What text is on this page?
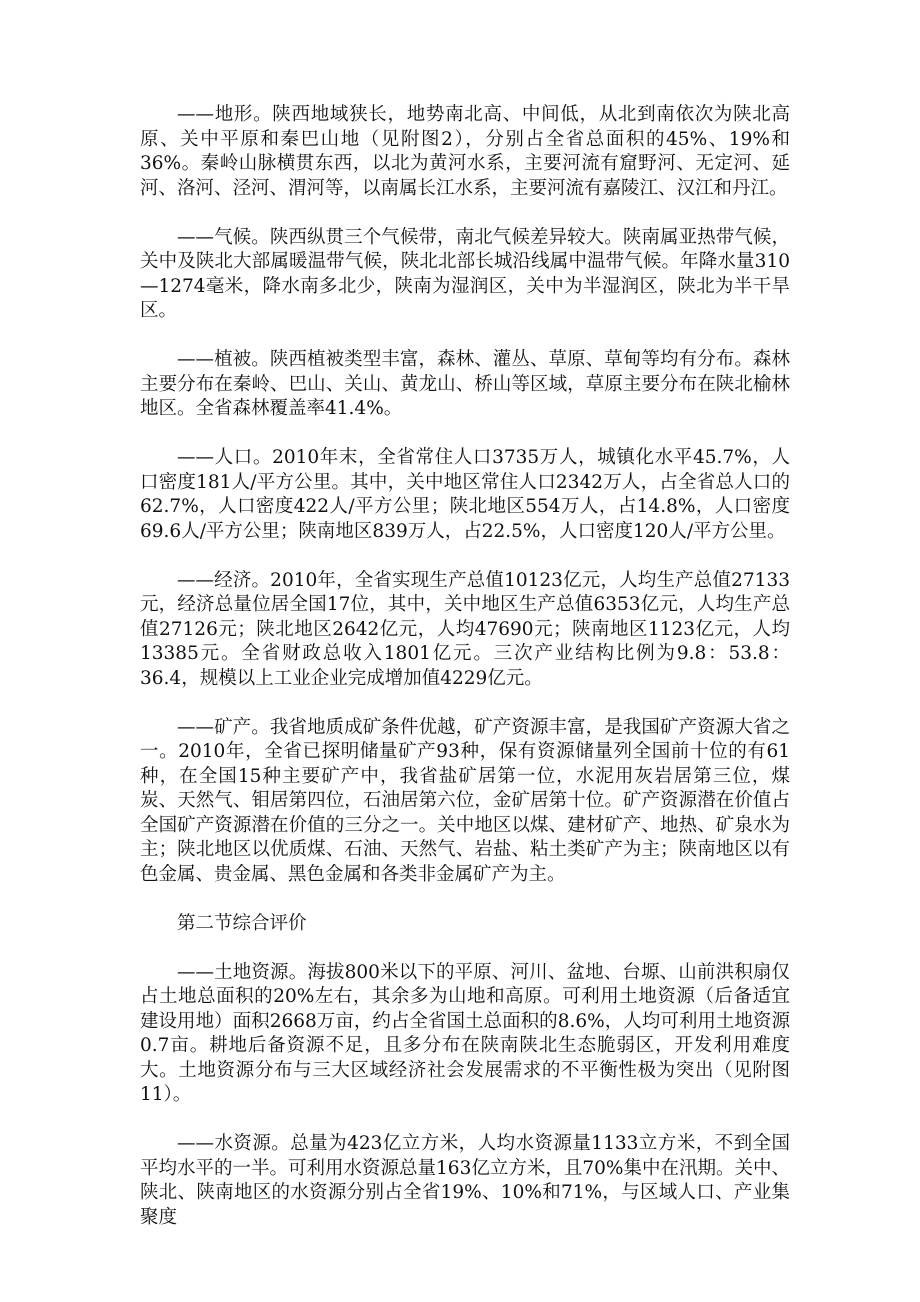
——地形。陕西地域狭长，地势南北高、中间低，从北到南依次为陕北高原、关中平原和秦巴山地（见附图2），分别占全省总面积的45%、19%和36%。秦岭山脉横贯东西，以北为黄河水系，主要河流有窟野河、无定河、延河、洛河、泾河、渭河等，以南属长江水系，主要河流有嘉陵江、汉江和丹江。

——气候。陕西纵贯三个气候带，南北气候差异较大。陕南属亚热带气候，关中及陕北大部属暖温带气候，陕北北部长城沿线属中温带气候。年降水量310—1274毫米，降水南多北少，陕南为湿润区，关中为半湿润区，陕北为半干旱区。

——植被。陕西植被类型丰富，森林、灌丛、草原、草甸等均有分布。森林主要分布在秦岭、巴山、关山、黄龙山、桥山等区域，草原主要分布在陕北榆林地区。全省森林覆盖率41.4%。

——人口。2010年末，全省常住人口3735万人，城镇化水平45.7%，人口密度181人/平方公里。其中，关中地区常住人口2342万人，占全省总人口的62.7%，人口密度422人/平方公里；陕北地区554万人，占14.8%，人口密度69.6人/平方公里；陕南地区839万人，占22.5%，人口密度120人/平方公里。

——经济。2010年，全省实现生产总值10123亿元，人均生产总值27133元，经济总量位居全国17位，其中，关中地区生产总值6353亿元，人均生产总值27126元；陕北地区2642亿元，人均47690元；陕南地区1123亿元，人均13385元。全省财政总收入1801亿元。三次产业结构比例为9.8：53.8：36.4，规模以上工业企业完成增加值4229亿元。

——矿产。我省地质成矿条件优越，矿产资源丰富，是我国矿产资源大省之一。2010年，全省已探明储量矿产93种，保有资源储量列全国前十位的有61种，在全国15种主要矿产中，我省盐矿居第一位，水泥用灰岩居第三位，煤炭、天然气、钼居第四位，石油居第六位，金矿居第十位。矿产资源潜在价值占全国矿产资源潜在价值的三分之一。关中地区以煤、建材矿产、地热、矿泉水为主；陕北地区以优质煤、石油、天然气、岩盐、粘土类矿产为主；陕南地区以有色金属、贵金属、黑色金属和各类非金属矿产为主。

第二节综合评价

——土地资源。海拔800米以下的平原、河川、盆地、台塬、山前洪积扇仅占土地总面积的20%左右，其余多为山地和高原。可利用土地资源（后备适宜建设用地）面积2668万亩，约占全省国土总面积的8.6%，人均可利用土地资源0.7亩。耕地后备资源不足，且多分布在陕南陕北生态脆弱区，开发利用难度大。土地资源分布与三大区域经济社会发展需求的不平衡性极为突出（见附图11）。

——水资源。总量为423亿立方米，人均水资源量1133立方米，不到全国平均水平的一半。可利用水资源总量163亿立方米，且70%集中在汛期。关中、陕北、陕南地区的水资源分别占全省19%、10%和71%，与区域人口、产业集聚度
